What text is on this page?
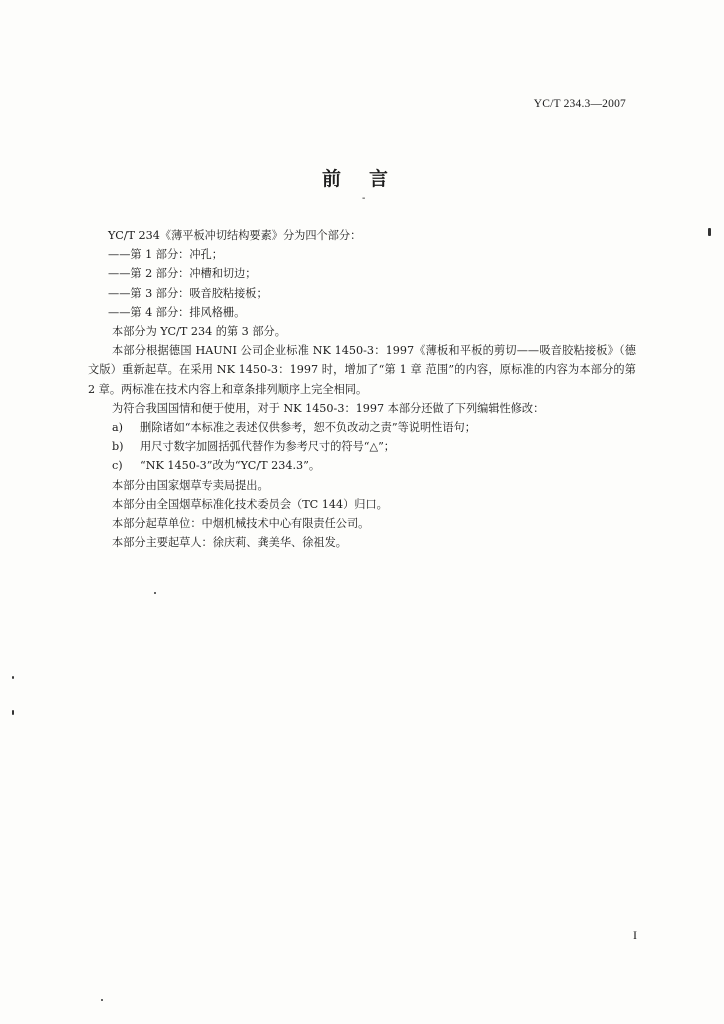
YC/T 234.3—2007
前言
-
YC/T 234《薄平板冲切结构要素》分为四个部分：
——第 1 部分：冲孔；
——第 2 部分：冲槽和切边；
——第 3 部分：吸音胶粘接板；
——第 4 部分：排风格栅。
本部分为 YC/T 234 的第 3 部分。
本部分根据德国 HAUNI 公司企业标准 NK 1450-3：1997《薄板和平板的剪切——吸音胶粘接板》（德文版）重新起草。在采用 NK 1450-3：1997 时，增加了“第 1 章 范围”的内容，原标准的内容为本部分的第 2 章。两标准在技术内容上和章条排列顺序上完全相同。
为符合我国国情和便于使用，对于 NK 1450-3：1997 本部分还做了下列编辑性修改：
a) 删除诸如“本标准之表述仅供参考，恕不负改动之责”等说明性语句；
b) 用尺寸数字加圆括弧代替作为参考尺寸的符号“△”；
c) “NK 1450-3”改为“YC/T 234.3”。
本部分由国家烟草专卖局提出。
本部分由全国烟草标准化技术委员会（TC 144）归口。
本部分起草单位：中烟机械技术中心有限责任公司。
本部分主要起草人：徐庆莉、龚美华、徐祖发。
I
